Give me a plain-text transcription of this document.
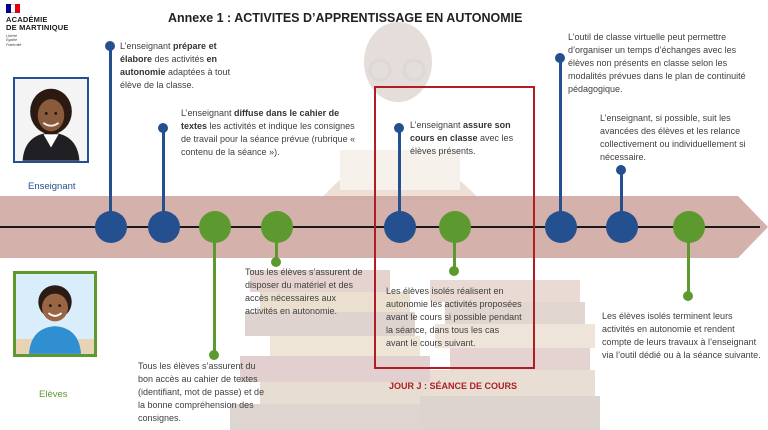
ACADÉMIE
DE MARTINIQUE
Liberté
Égalité
Fraternité
Annexe 1 : ACTIVITES D’APPRENTISSAGE EN AUTONOMIE
Enseignant
Elèves
JOUR J : SÉANCE DE COURS
L’enseignant prépare et élabore des activités en autonomie adaptées à tout élève de la classe.
L’enseignant diffuse dans le cahier de textes les activités et indique les consignes de travail pour la séance prévue (rubrique « contenu de la séance »).
L’enseignant assure son cours en classe avec les élèves présents.
L’outil de classe virtuelle peut permettre d’organiser un temps d’échanges avec les élèves non présents en classe selon les modalités prévues dans le plan de continuité pédagogique.
L’enseignant, si possible, suit les avancées des élèves et les relance collectivement ou individuellement si nécessaire.
Tous les élèves s’assurent du bon accès au cahier de textes (identifiant, mot de passe) et de la bonne compréhension des consignes.
Tous les élèves s’assurent de disposer du matériel et des accès nécessaires aux activités en autonomie.
Les élèves isolés réalisent en autonomie les activités proposées avant le cours si possible pendant la séance, dans tous les cas avant le cours suivant.
Les élèves isolés terminent leurs activités en autonomie et rendent compte de leurs travaux à l’enseignant via l’outil dédié ou à la séance suivante.
